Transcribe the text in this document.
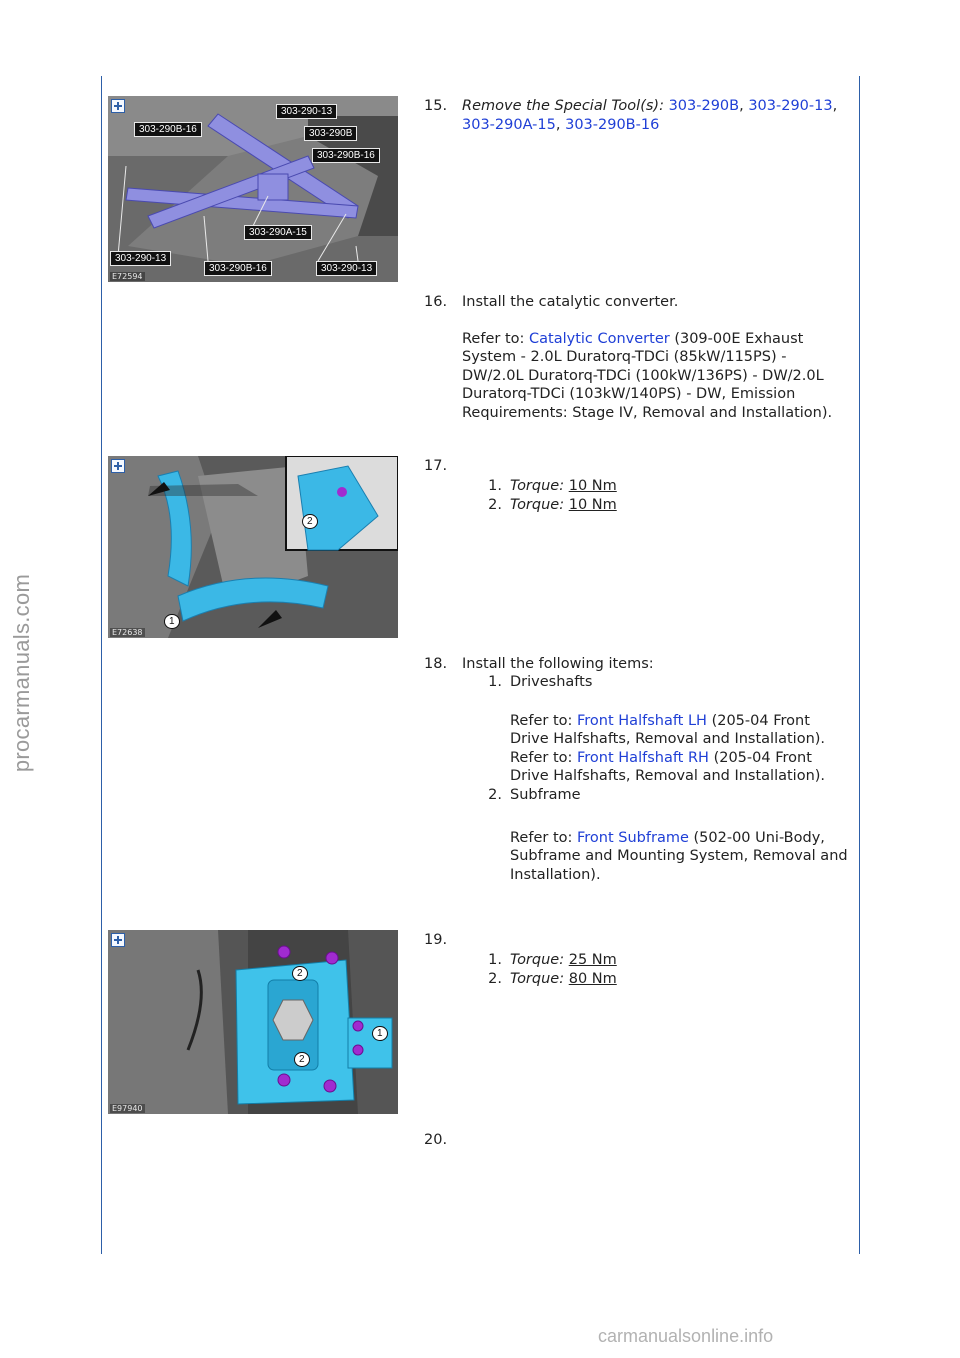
procarmanuals.com
carmanualsonline.info
303-290-13
303-290B-16	303-290B
303-290B-16
303-290A-15
303-290-13
303-290B-16	303-290-13
E72594
1
2
E72638
1
2
2
E97940
15. Remove the Special Tool(s): 303-290B, 303-290-13, 303-290A-15, 303-290B-16
16. Install the catalytic converter.
Refer to: Catalytic Converter (309-00E Exhaust System - 2.0L Duratorq-TDCi (85kW/115PS) - DW/2.0L Duratorq-TDCi (100kW/136PS) - DW/2.0L Duratorq-TDCi (103kW/140PS) - DW, Emission Requirements: Stage IV, Removal and Installation).
17.
1. Torque: 10 Nm
2. Torque: 10 Nm
18. Install the following items:
1. Driveshafts

Refer to: Front Halfshaft LH (205-04 Front Drive Halfshafts, Removal and Installation).

Refer to: Front Halfshaft RH (205-04 Front Drive Halfshafts, Removal and Installation).

2. Subframe

Refer to: Front Subframe (502-00 Uni-Body, Subframe and Mounting System, Removal and Installation).

19.
1. Torque: 25 Nm
2. Torque: 80 Nm
20.
